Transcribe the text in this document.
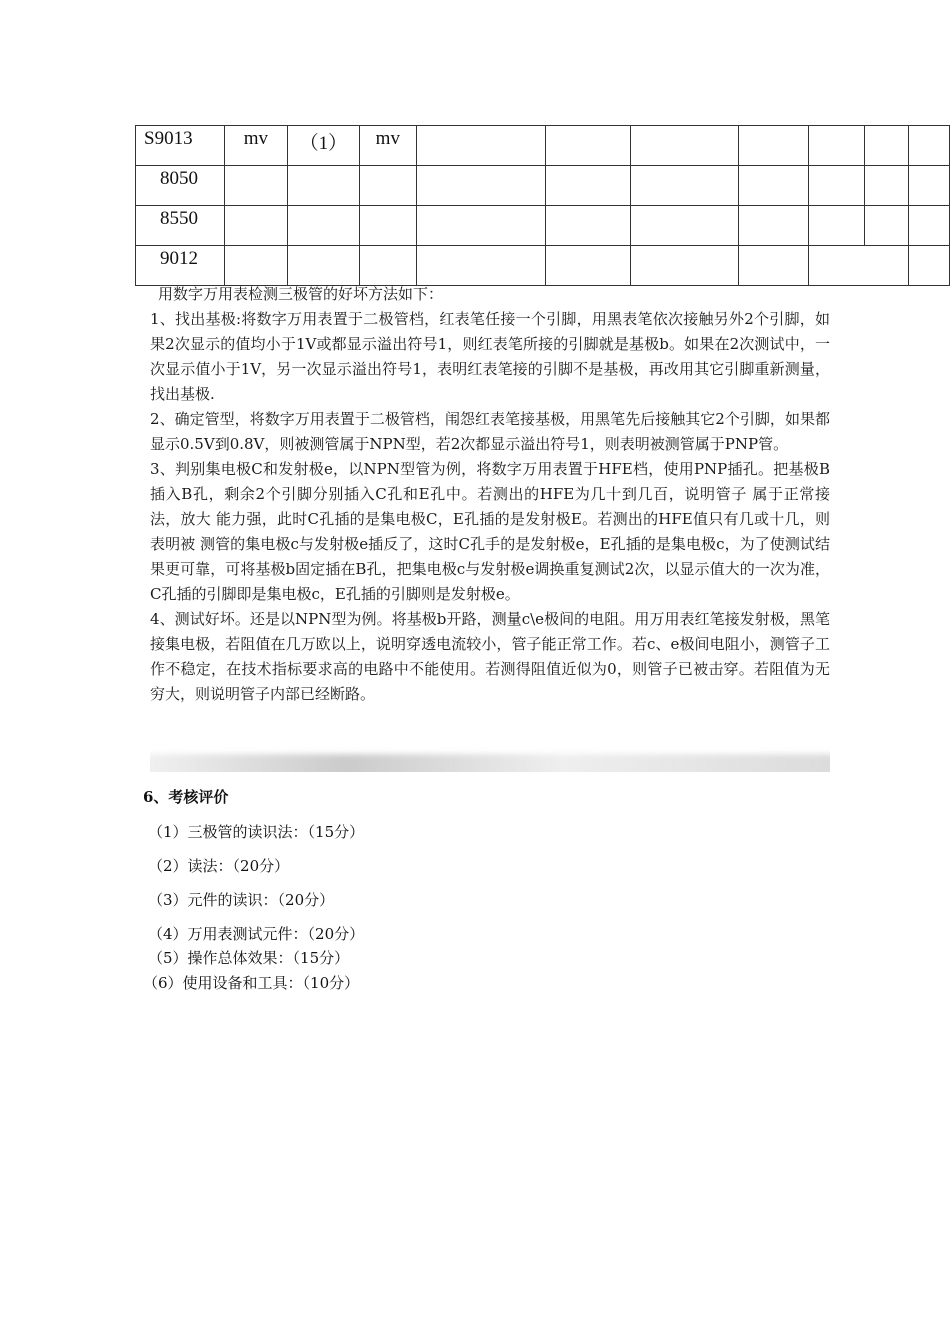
S9013	mv	（1）	mv							
8050										
8550										
9012										

用数字万用表检测三极管的好坏方法如下：

1、找出基极:将数字万用表置于二极管档，红表笔任接一个引脚，用黑表笔依次接触另外2个引脚，如果2次显示的值均小于1V或都显示溢出符号1，则红表笔所接的引脚就是基极b。如果在2次测试中，一次显示值小于1V，另一次显示溢出符号1，表明红表笔接的引脚不是基极，再改用其它引脚重新测量，找出基极.

2、确定管型，将数字万用表置于二极管档，闱怨红表笔接基极，用黑笔先后接触其它2个引脚，如果都显示0.5V到0.8V，则被测管属于NPN型，若2次都显示溢出符号1，则表明被测管属于PNP管。

3、判别集电极C和发射极e，以NPN型管为例，将数字万用表置于HFE档，使用PNP插孔。把基极B插入B孔，剩余2个引脚分别插入C孔和E孔中。若测出的HFE为几十到几百，说明管子 属于正常接法，放大 能力强，此时C孔插的是集电极C，E孔插的是发射极E。若测出的HFE值只有几或十几，则表明被 测管的集电极c与发射极e插反了，这时C孔手的是发射极e，E孔插的是集电极c，为了使测试结果更可靠，可将基极b固定插在B孔，把集电极c与发射极e调换重复测试2次，以显示值大的一次为准，C孔插的引脚即是集电极c，E孔插的引脚则是发射极e。

4、测试好坏。还是以NPN型为例。将基极b开路，测量c\e极间的电阻。用万用表红笔接发射极，黑笔接集电极，若阻值在几万欧以上，说明穿透电流较小，管子能正常工作。若c、e极间电阻小，测管子工作不稳定，在技术指标要求高的电路中不能使用。若测得阻值近似为0，则管子已被击穿。若阻值为无穷大，则说明管子内部已经断路。

6、考核评价
（1）三极管的读识法：（15分）
（2）读法：（20分）
（3）元件的读识：（20分）
（4）万用表测试元件：（20分）
（5）操作总体效果：（15分）
（6）使用设备和工具：（10分）
